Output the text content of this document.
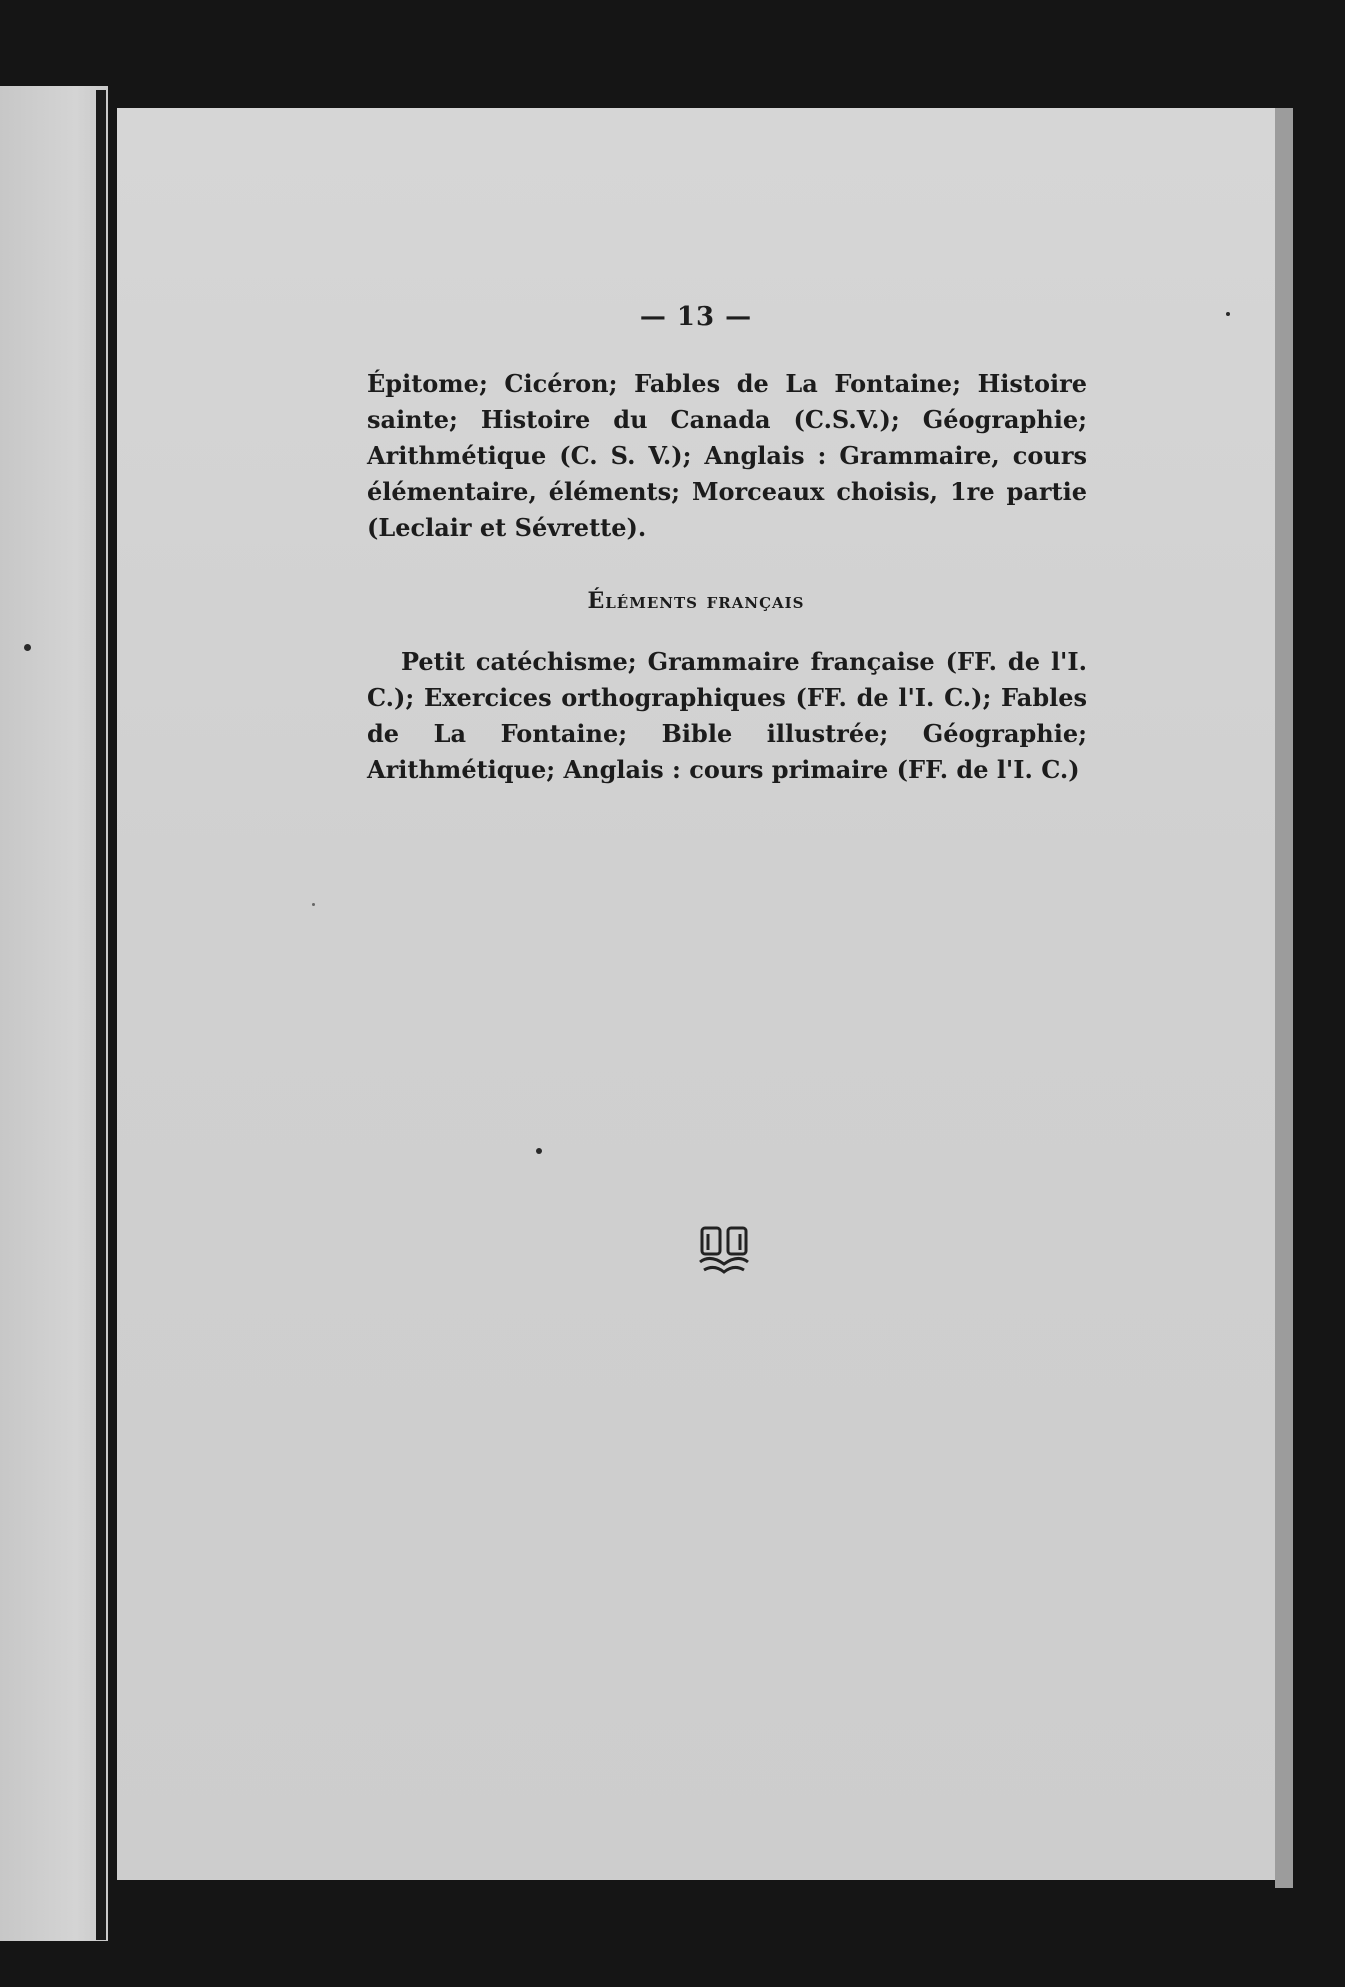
— 13 —

Épitome; Cicéron; Fables de La Fontaine; Histoire sainte; Histoire du Canada (C.S.V.); Géographie; Arithmétique (C. S. V.); Anglais : Grammaire, cours élémentaire, éléments; Morceaux choisis, 1re partie (Leclair et Sévrette).

Éléments français

Petit catéchisme; Grammaire française (FF. de l'I. C.); Exercices orthographiques (FF. de l'I. C.); Fables de La Fontaine; Bible illustrée; Géographie; Arithmétique; Anglais : cours primaire (FF. de l'I. C.)
